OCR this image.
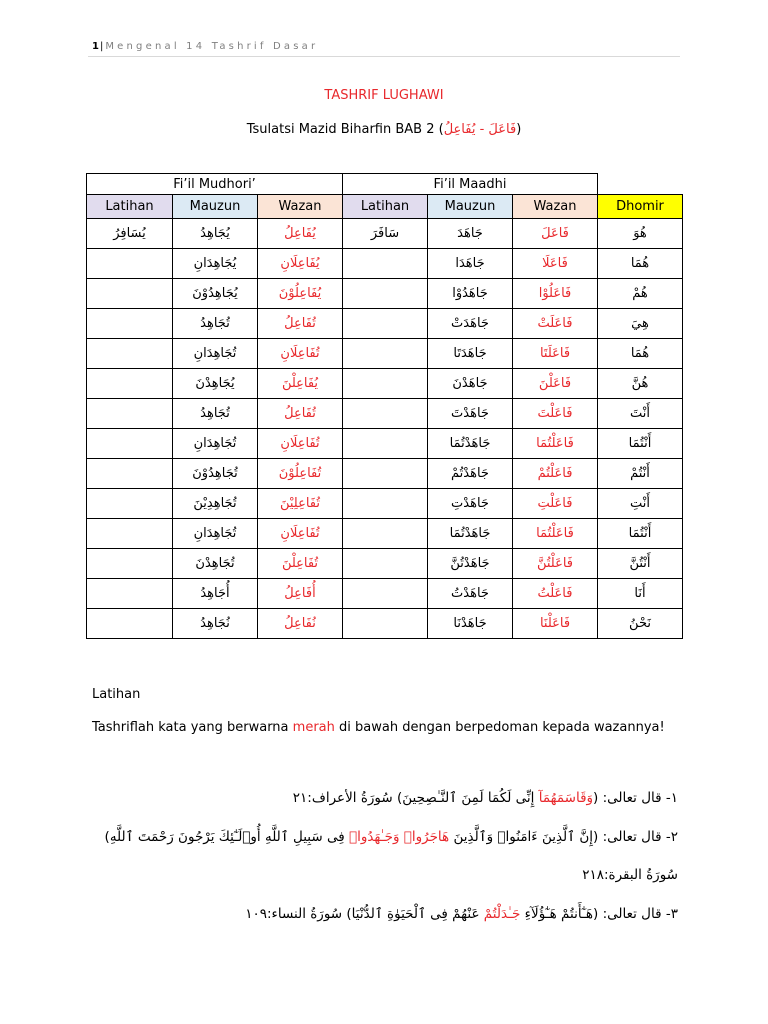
1| Mengenal 14 Tashrif Dasar
TASHRIF LUGHAWI
Tsulatsi Mazid Biharfin BAB 2 (فَاعَلَ - يُفَاعِلُ)
Fi’il Mudhori’			Fi’il Maadhi			
Latihan	Mauzun	Wazan	Latihan	Mauzun	Wazan	Dhomir
يُسَافِرُ	يُجَاهِدُ	يُفَاعِلُ	سَافَرَ	جَاهَدَ	فَاعَلَ	هُوَ
	يُجَاهِدَانِ	يُفَاعِلَانِ		جَاهَدَا	فَاعَلَا	هُمَا
	يُجَاهِدُوْنَ	يُفَاعِلُوْنَ		جَاهَدُوْا	فَاعَلُوْا	هُمْ
	تُجَاهِدُ	تُفَاعِلُ		جَاهَدَتْ	فَاعَلَتْ	هِيَ
	تُجَاهِدَانِ	تُفَاعِلَانِ		جَاهَدَتَا	فَاعَلَتَا	هُمَا
	يُجَاهِدْنَ	يُفَاعِلْنَ		جَاهَدْنَ	فَاعَلْنَ	هُنَّ
	تُجَاهِدُ	تُفَاعِلُ		جَاهَدْتَ	فَاعَلْتَ	أَنْتَ
	تُجَاهِدَانِ	تُفَاعِلَانِ		جَاهَدْتُمَا	فَاعَلْتُمَا	أَنْتُمَا
	تُجَاهِدُوْنَ	تُفَاعِلُوْنَ		جَاهَدْتُمْ	فَاعَلْتُمْ	أَنْتُمْ
	تُجَاهِدِيْنَ	تُفَاعِلِيْنَ		جَاهَدْتِ	فَاعَلْتِ	أَنْتِ
	تُجَاهِدَانِ	تُفَاعِلَانِ		جَاهَدْتُمَا	فَاعَلْتُمَا	أَنْتُمَا
	تُجَاهِدْنَ	تُفَاعِلْنَ		جَاهَدْتُنَّ	فَاعَلْتُنَّ	أَنْتُنَّ
	أُجَاهِدُ	أُفَاعِلُ		جَاهَدْتُ	فَاعَلْتُ	أَنَا
	نُجَاهِدُ	نُفَاعِلُ		جَاهَدْنَا	فَاعَلْنَا	نَحْنُ
Latihan
Tashriflah kata yang berwarna merah di bawah dengan berpedoman kepada wazannya!
١- قال تعالى: (وَقَاسَمَهُمَآ إِنِّى لَكُمَا لَمِنَ ٱلنَّـٰصِحِينَ) سُورَةُ الأعراف:٢١
٢- قال تعالى: (إِنَّ ٱلَّذِينَ ءَامَنُوا۟ وَٱلَّذِينَ هَاجَرُوا۟ وَجَـٰهَدُوا۟ فِى سَبِيلِ ٱللَّهِ أُو۟لَـٰٓئِكَ يَرْجُونَ رَحْمَتَ ٱللَّهِ) سُورَةُ البقرة:٢١٨
٣- قال تعالى: (هَـٰٓأَنتُمْ هَـٰٓؤُلَآءِ جَـٰدَلْتُمْ عَنْهُمْ فِى ٱلْحَيَوٰةِ ٱلدُّنْيَا) سُورَةُ النساء:١٠٩
